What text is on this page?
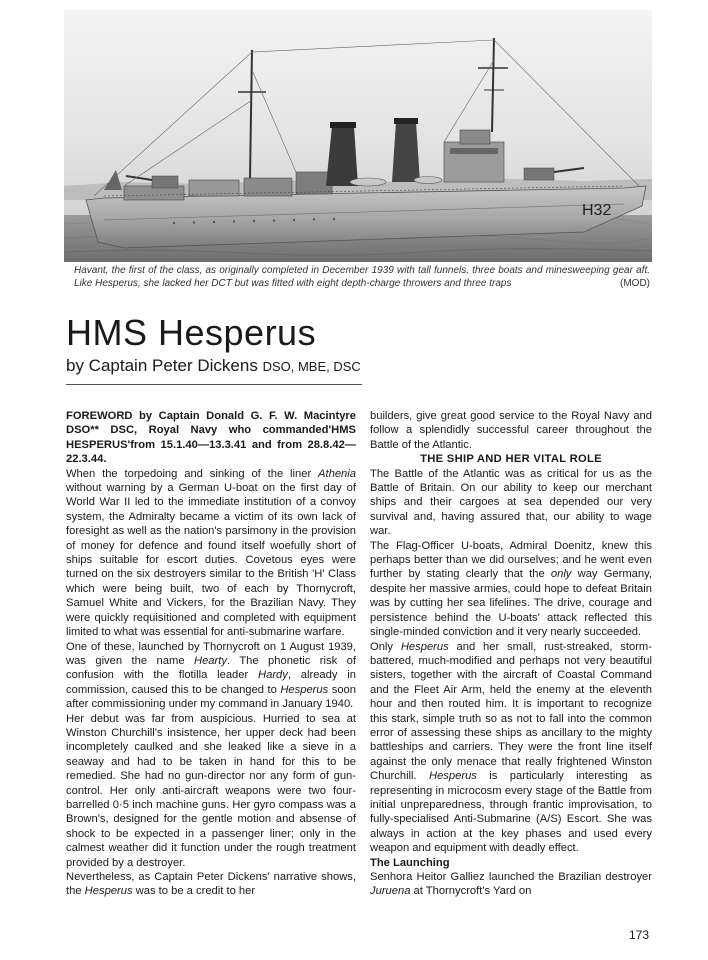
H32
Havant, the first of the class, as originally completed in December 1939 with tall funnels, three boats and minesweeping gear aft. Like Hesperus, she lacked her DCT but was fitted with eight depth-charge throwers and three traps	(MOD)
HMS Hesperus
by Captain Peter Dickens DSO, MBE, DSC

FOREWORD by Captain Donald G. F. W. Macintyre DSO** DSC, Royal Navy who commanded'HMS HESPERUS'from 15.1.40—13.3.41 and from 28.8.42—22.3.44.

When the torpedoing and sinking of the liner Athenia without warning by a German U-boat on the first day of World War II led to the immediate institution of a convoy system, the Admiralty became a victim of its own lack of foresight as well as the nation's parsimony in the provision of money for defence and found itself woefully short of ships suitable for escort duties. Covetous eyes were turned on the six destroyers similar to the British 'H' Class which were being built, two of each by Thornycroft, Samuel White and Vickers, for the Brazilian Navy. They were quickly requisitioned and completed with equipment limited to what was essential for anti-submarine warfare.

One of these, launched by Thornycroft on 1 August 1939, was given the name Hearty. The phonetic risk of confusion with the flotilla leader Hardy, already in commission, caused this to be changed to Hesperus soon after commissioning under my command in January 1940.

Her debut was far from auspicious. Hurried to sea at Winston Churchill's insistence, her upper deck had been incompletely caulked and she leaked like a sieve in a seaway and had to be taken in hand for this to be remedied. She had no gun-director nor any form of gun-control. Her only anti-aircraft weapons were two four-barrelled 0·5 inch machine guns. Her gyro compass was a Brown's, designed for the gentle motion and absense of shock to be expected in a passenger liner; only in the calmest weather did it function under the rough treatment provided by a destroyer.

Nevertheless, as Captain Peter Dickens' narrative shows, the Hesperus was to be a credit to her

builders, give great good service to the Royal Navy and follow a splendidly successful career throughout the Battle of the Atlantic.

THE SHIP AND HER VITAL ROLE

The Battle of the Atlantic was as critical for us as the Battle of Britain. On our ability to keep our merchant ships and their cargoes at sea depended our very survival and, having assured that, our ability to wage war.

The Flag-Officer U-boats, Admiral Doenitz, knew this perhaps better than we did ourselves; and he went even further by stating clearly that the only way Germany, despite her massive armies, could hope to defeat Britain was by cutting her sea lifelines. The drive, courage and persistence behind the U-boats' attack reflected this single-minded conviction and it very nearly succeeded.

Only Hesperus and her small, rust-streaked, storm-battered, much-modified and perhaps not very beautiful sisters, together with the aircraft of Coastal Command and the Fleet Air Arm, held the enemy at the eleventh hour and then routed him. It is important to recognize this stark, simple truth so as not to fall into the common error of assessing these ships as ancillary to the mighty battleships and carriers. They were the front line itself against the only menace that really frightened Winston Churchill. Hesperus is particularly interesting as representing in microcosm every stage of the Battle from initial unpreparedness, through frantic improvisation, to fully-specialised Anti-Submarine (A/S) Escort. She was always in action at the key phases and used every weapon and equipment with deadly effect.

The Launching

Senhora Heitor Galliez launched the Brazilian destroyer Juruena at Thornycroft's Yard on

173
